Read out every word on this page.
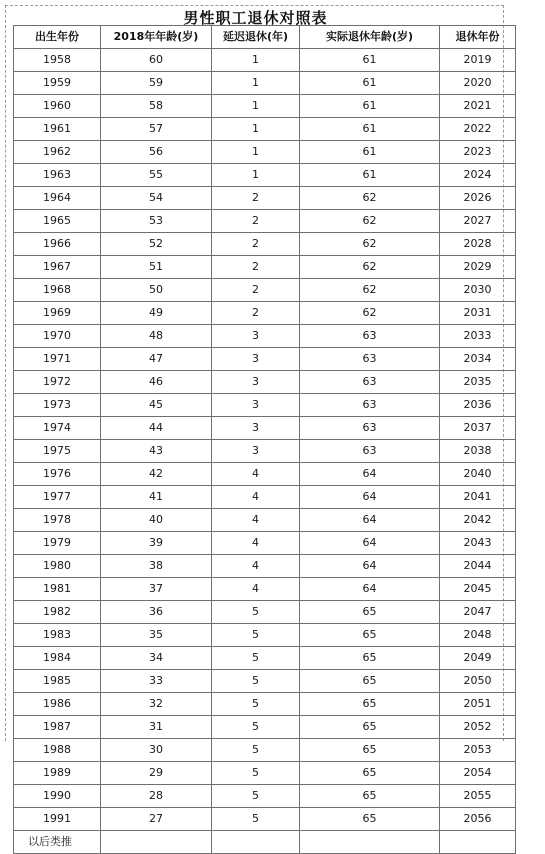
男性职工退休对照表
出生年份	2018年年龄(岁)	延迟退休(年)	实际退休年龄(岁)	退休年份
1958	60	1	61	2019
1959	59	1	61	2020
1960	58	1	61	2021
1961	57	1	61	2022
1962	56	1	61	2023
1963	55	1	61	2024
1964	54	2	62	2026
1965	53	2	62	2027
1966	52	2	62	2028
1967	51	2	62	2029
1968	50	2	62	2030
1969	49	2	62	2031
1970	48	3	63	2033
1971	47	3	63	2034
1972	46	3	63	2035
1973	45	3	63	2036
1974	44	3	63	2037
1975	43	3	63	2038
1976	42	4	64	2040
1977	41	4	64	2041
1978	40	4	64	2042
1979	39	4	64	2043
1980	38	4	64	2044
1981	37	4	64	2045
1982	36	5	65	2047
1983	35	5	65	2048
1984	34	5	65	2049
1985	33	5	65	2050
1986	32	5	65	2051
1987	31	5	65	2052
1988	30	5	65	2053
1989	29	5	65	2054
1990	28	5	65	2055
1991	27	5	65	2056
以后类推				
